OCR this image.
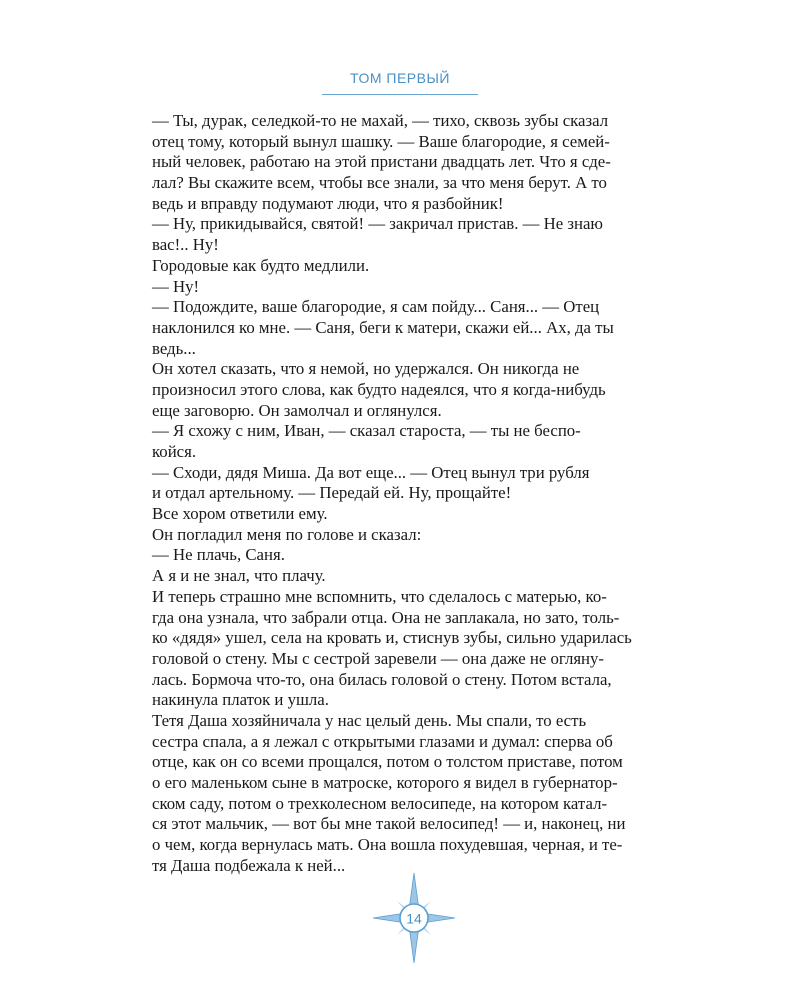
ТОМ ПЕРВЫЙ
— Ты, дурак, селедкой-то не махай, — тихо, сквозь зубы сказал
отец тому, который вынул шашку. — Ваше благородие, я семей-
ный человек, работаю на этой пристани двадцать лет. Что я сде-
лал? Вы скажите всем, чтобы все знали, за что меня берут. А то
ведь и вправду подумают люди, что я разбойник!
— Ну, прикидывайся, святой! — закричал пристав. — Не знаю
вас!.. Ну!
Городовые как будто медлили.
— Ну!
— Подождите, ваше благородие, я сам пойду... Саня... — Отец
наклонился ко мне. — Саня, беги к матери, скажи ей... Ах, да ты
ведь...
Он хотел сказать, что я немой, но удержался. Он никогда не
произносил этого слова, как будто надеялся, что я когда-нибудь
еще заговорю. Он замолчал и оглянулся.
— Я схожу с ним, Иван, — сказал староста, — ты не беспо-
койся.
— Сходи, дядя Миша. Да вот еще... — Отец вынул три рубля
и отдал артельному. — Передай ей. Ну, прощайте!
Все хором ответили ему.
Он погладил меня по голове и сказал:
— Не плачь, Саня.
А я и не знал, что плачу.
И теперь страшно мне вспомнить, что сделалось с матерью, ко-
гда она узнала, что забрали отца. Она не заплакала, но зато, толь-
ко «дядя» ушел, села на кровать и, стиснув зубы, сильно ударилась
головой о стену. Мы с сестрой заревели — она даже не огляну-
лась. Бормоча что-то, она билась головой о стену. Потом встала,
накинула платок и ушла.
Тетя Даша хозяйничала у нас целый день. Мы спали, то есть
сестра спала, а я лежал с открытыми глазами и думал: сперва об
отце, как он со всеми прощался, потом о толстом приставе, потом
о его маленьком сыне в матроске, которого я видел в губернатор-
ском саду, потом о трехколесном велосипеде, на котором катал-
ся этот мальчик, — вот бы мне такой велосипед! — и, наконец, ни
о чем, когда вернулась мать. Она вошла похудевшая, черная, и те-
тя Даша подбежала к ней...
14
